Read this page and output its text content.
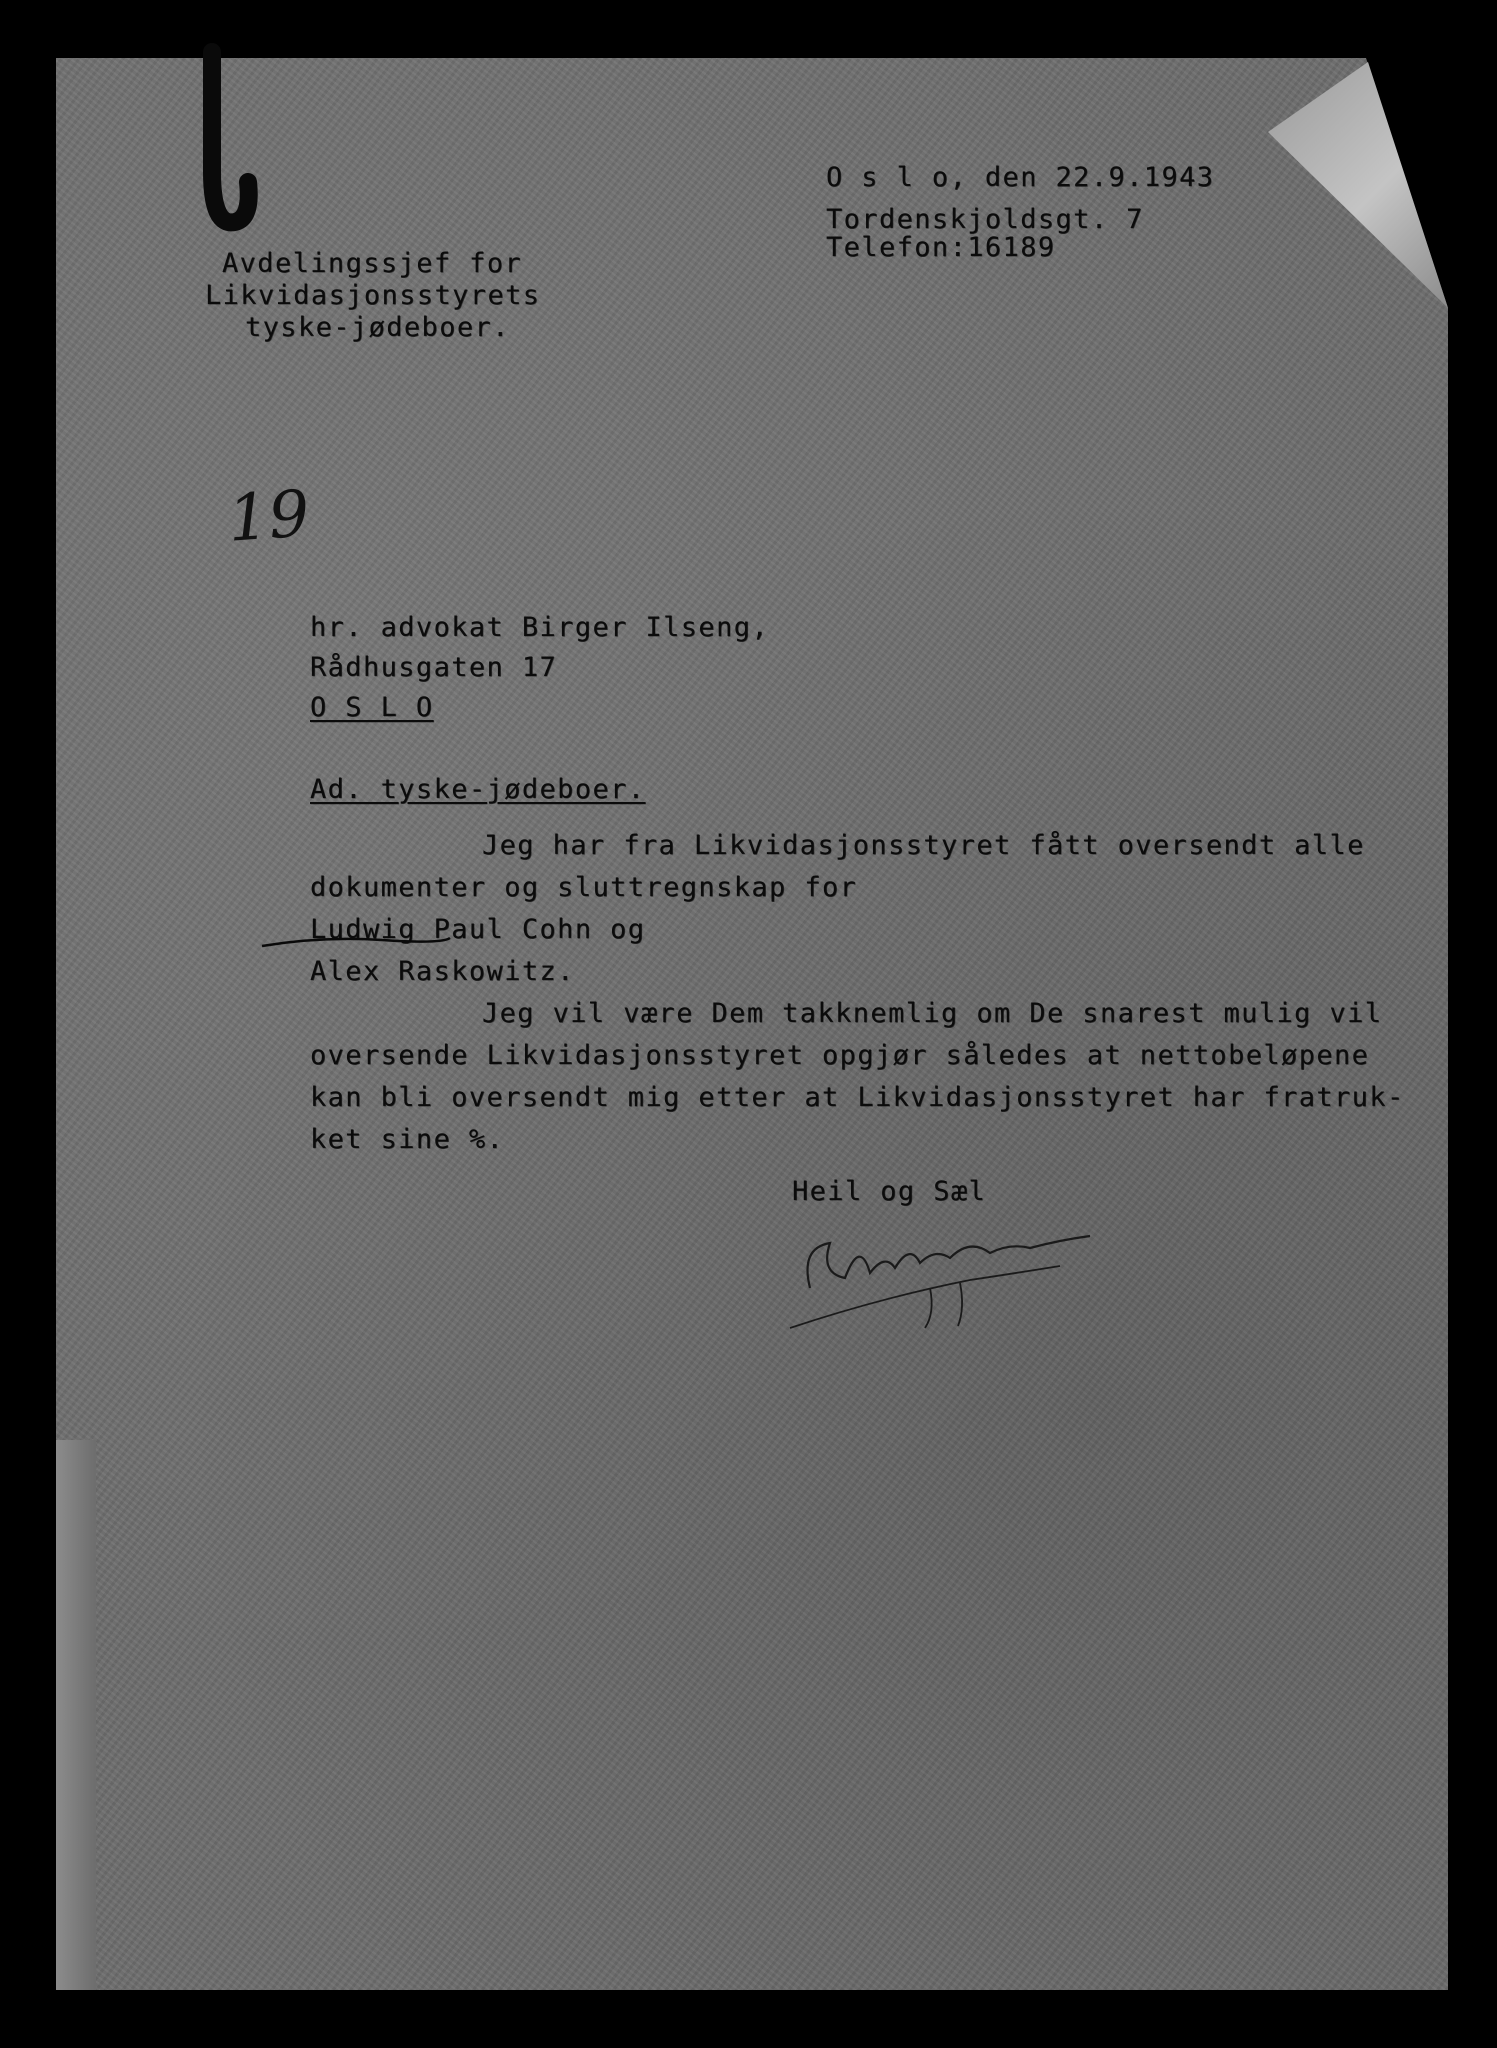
Avdelingssjef for
Likvidasjonsstyrets
tyske-jødeboer.
O s l o, den 22.9.1943
Tordenskjoldsgt. 7
Telefon:16189
19
hr. advokat Birger Ilseng,
Rådhusgaten 17
O S L O
Ad. tyske-jødeboer.
Jeg har fra Likvidasjonsstyret fått oversendt alle
dokumenter og sluttregnskap for
Ludwig Paul Cohn og
Alex Raskowitz.
Jeg vil være Dem takknemlig om De snarest mulig vil
oversende Likvidasjonsstyret opgjør således at nettobeløpene
kan bli oversendt mig etter at Likvidasjonsstyret har fratruk-
ket sine %.
Heil og Sæl
